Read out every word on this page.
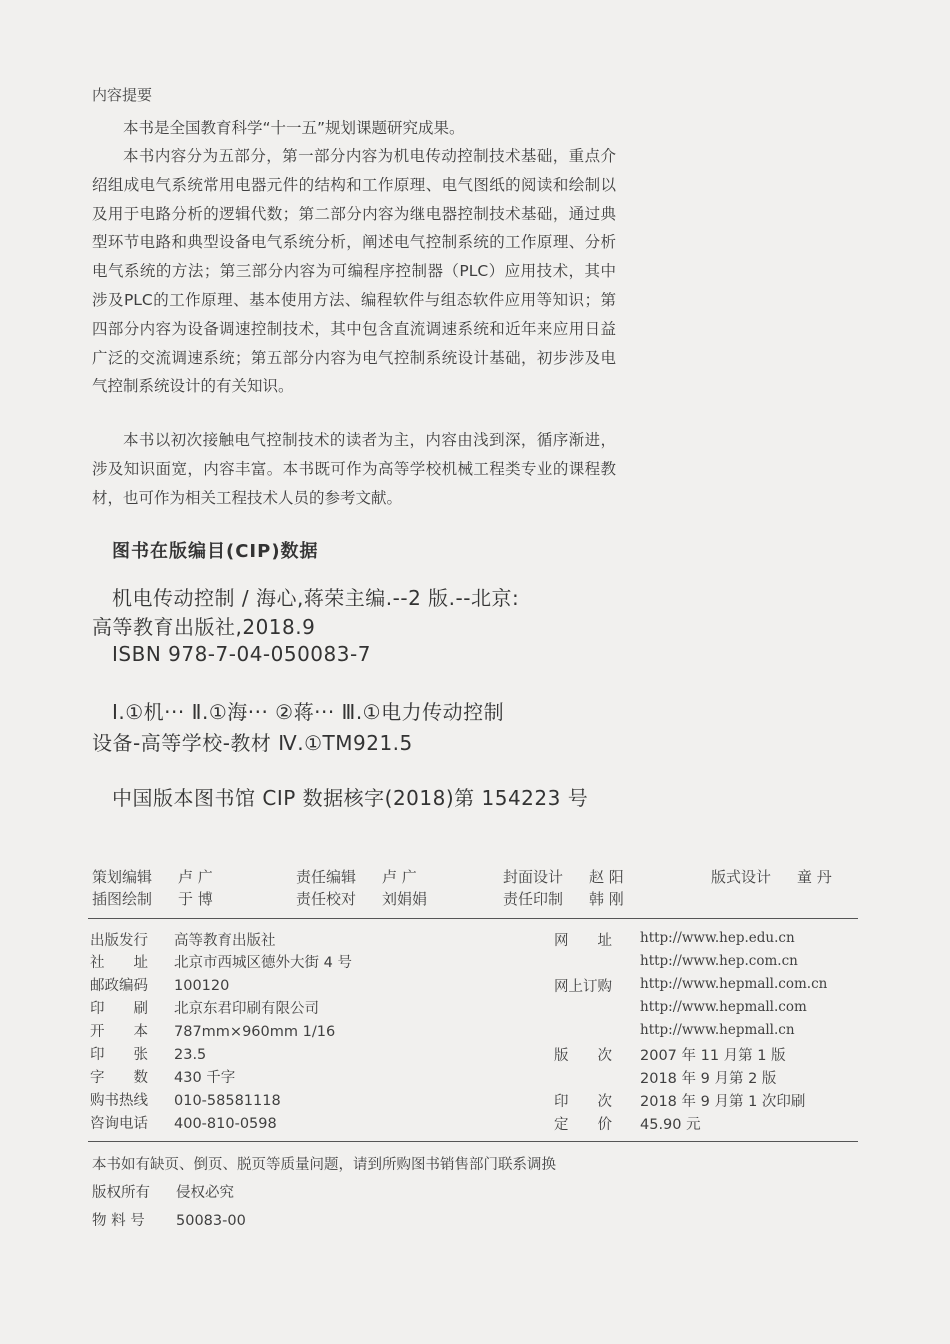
内容提要
本书是全国教育科学“十一五”规划课题研究成果。
本书内容分为五部分，第一部分内容为机电传动控制技术基础，重点介绍组成电气系统常用电器元件的结构和工作原理、电气图纸的阅读和绘制以及用于电路分析的逻辑代数；第二部分内容为继电器控制技术基础，通过典型环节电路和典型设备电气系统分析，阐述电气控制系统的工作原理、分析电气系统的方法；第三部分内容为可编程序控制器（PLC）应用技术，其中涉及PLC的工作原理、基本使用方法、编程软件与组态软件应用等知识；第四部分内容为设备调速控制技术，其中包含直流调速系统和近年来应用日益广泛的交流调速系统；第五部分内容为电气控制系统设计基础，初步涉及电气控制系统设计的有关知识。
本书以初次接触电气控制技术的读者为主，内容由浅到深，循序渐进，涉及知识面宽，内容丰富。本书既可作为高等学校机械工程类专业的课程教材，也可作为相关工程技术人员的参考文献。
图书在版编目(CIP)数据
机电传动控制 / 海心,蒋荣主编.--2 版.--北京:
高等教育出版社,2018.9
ISBN 978-7-04-050083-7
Ⅰ.①机··· Ⅱ.①海··· ②蒋··· Ⅲ.①电力传动控制
设备-高等学校-教材 Ⅳ.①TM921.5
中国版本图书馆 CIP 数据核字(2018)第 154223 号
策划编辑 卢 广	责任编辑 卢 广	封面设计 赵 阳	版式设计 童 丹
插图绘制 于 博	责任校对 刘娟娟	责任印制 韩 刚
出版发行 高等教育出版社
社　　址 北京市西城区德外大街 4 号
邮政编码 100120
印　　刷 北京东君印刷有限公司
开　　本 787mm×960mm 1/16
印　　张 23.5
字　　数 430 千字
购书热线 010-58581118
咨询电话 400-810-0598
网　　址 http://www.hep.edu.cn
http://www.hep.com.cn
网上订购 http://www.hepmall.com.cn
http://www.hepmall.com
http://www.hepmall.cn
版　　次 2007 年 11 月第 1 版
2018 年 9 月第 2 版
印　　次 2018 年 9 月第 1 次印刷
定　　价 45.90 元
本书如有缺页、倒页、脱页等质量问题，请到所购图书销售部门联系调换
版权所有 侵权必究
物 料 号 50083-00
